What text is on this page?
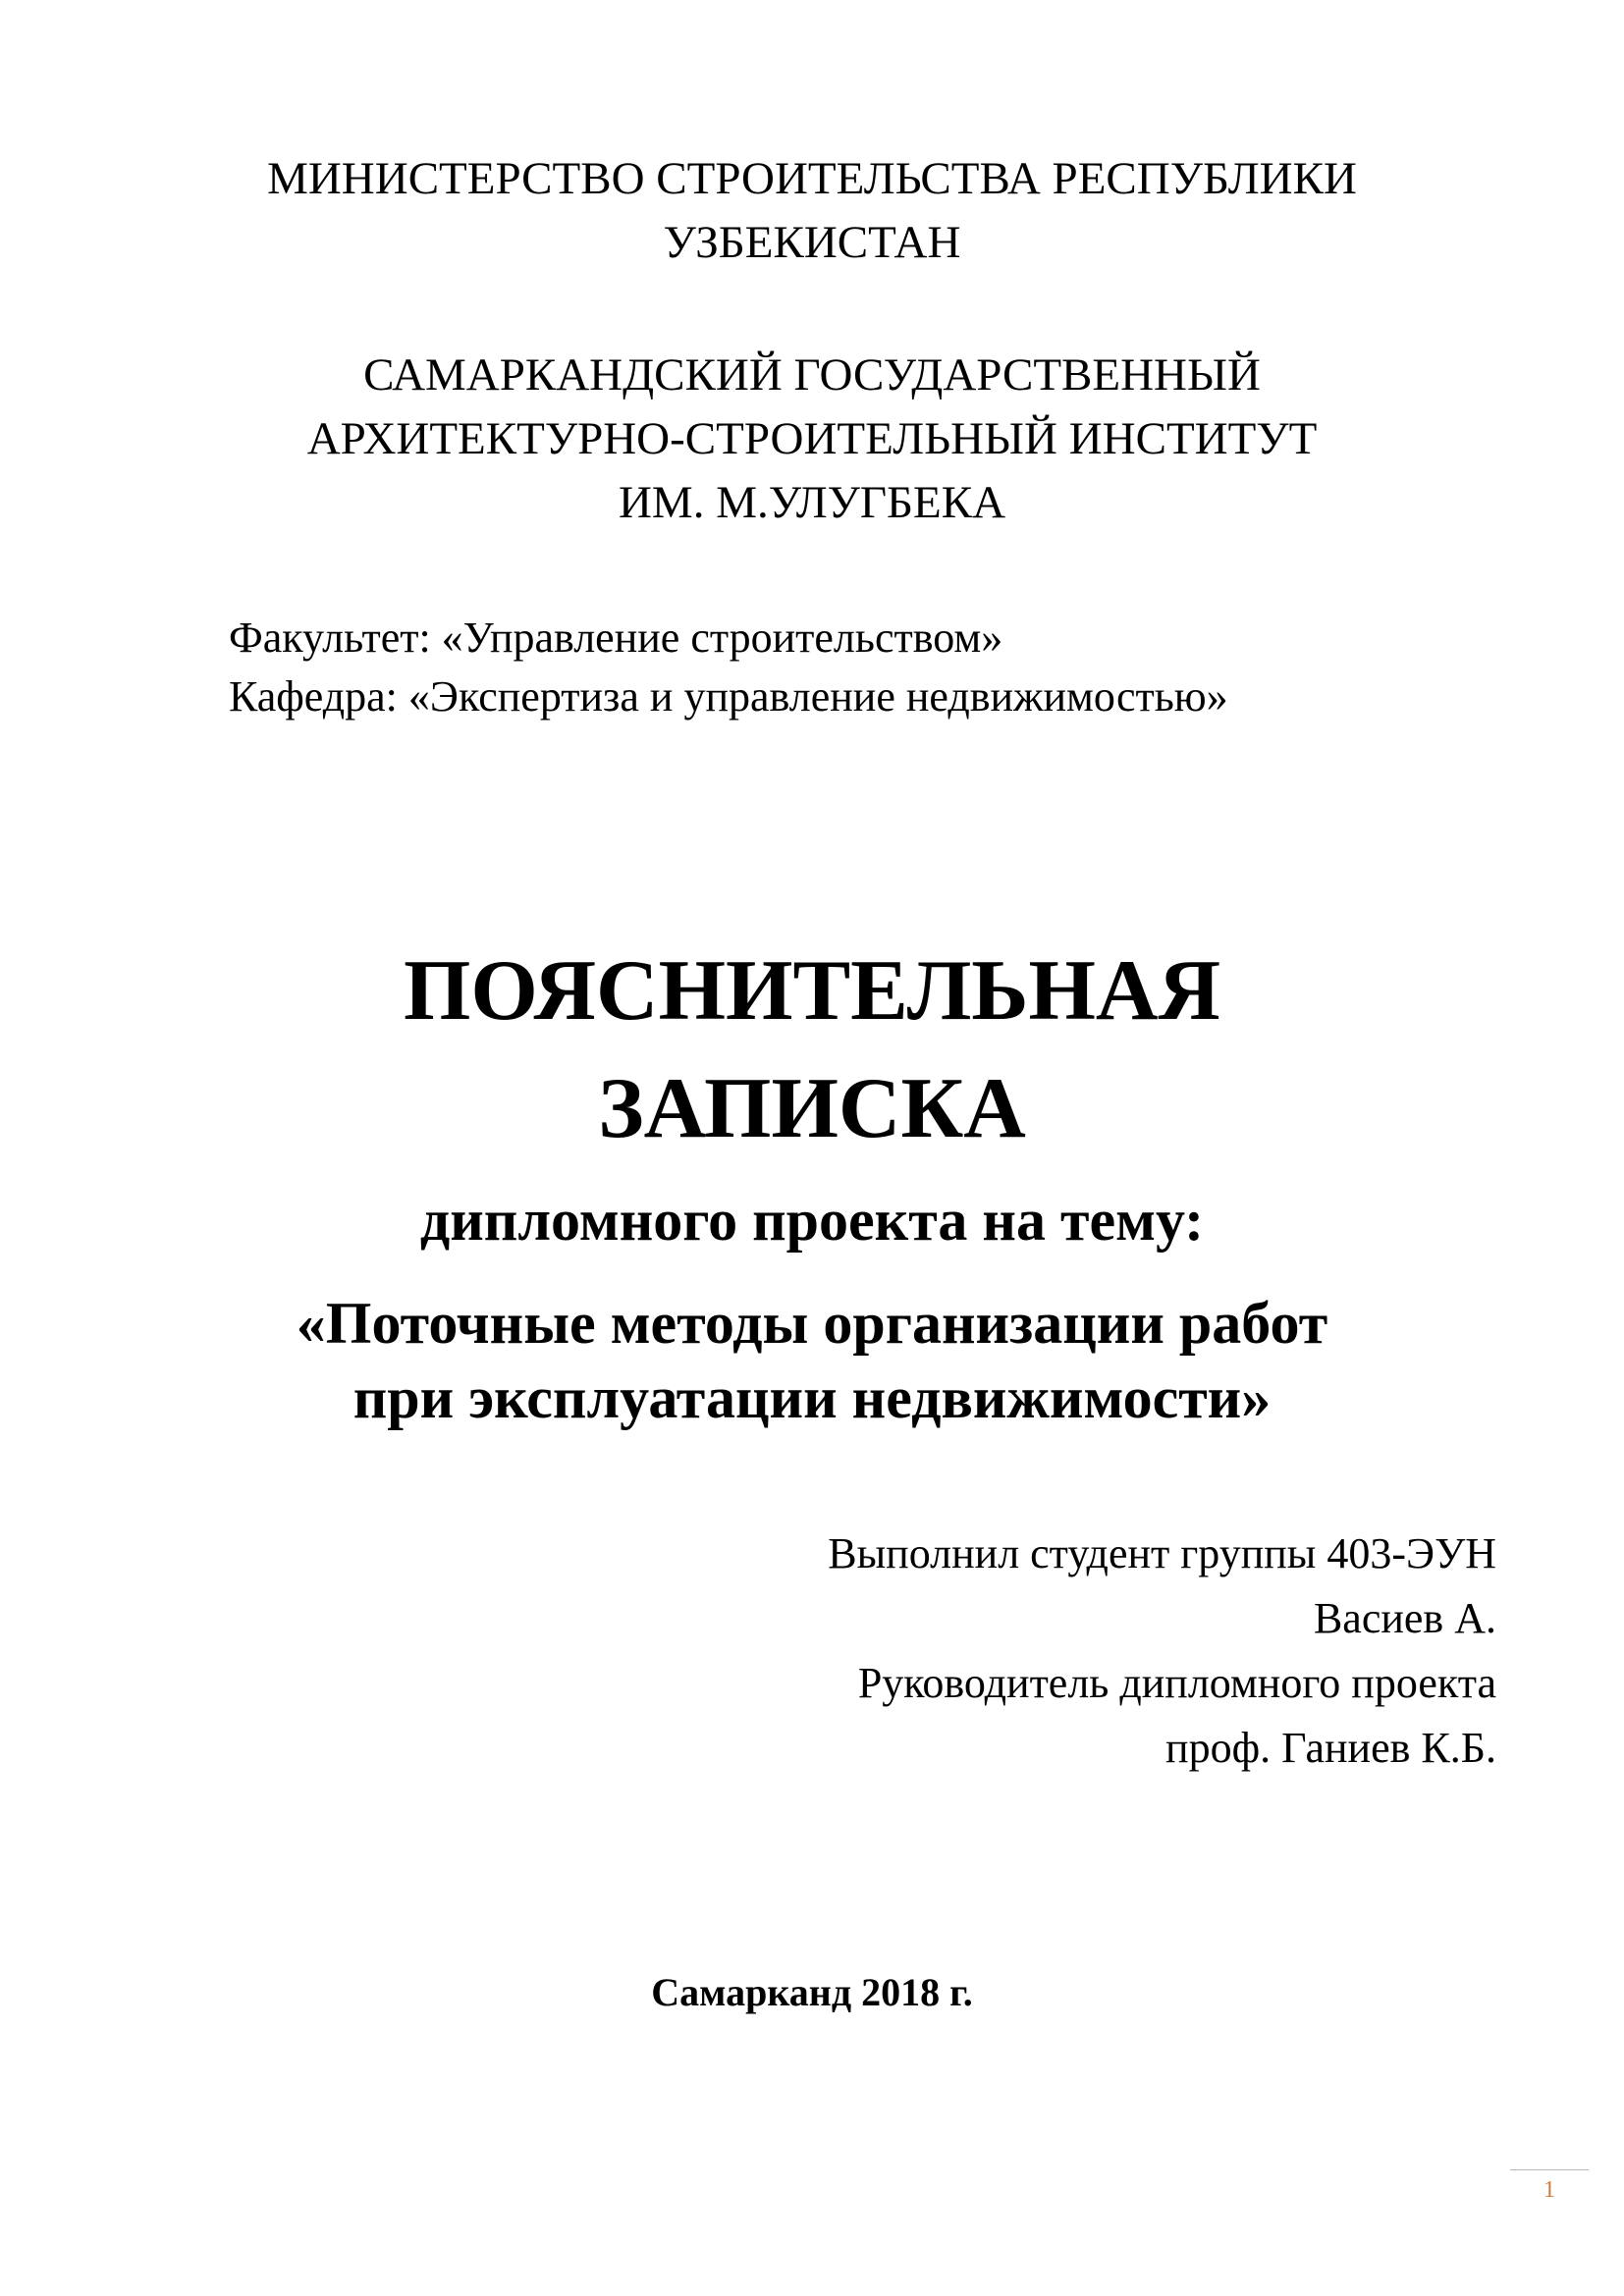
МИНИСТЕРСТВО СТРОИТЕЛЬСТВА РЕСПУБЛИКИ
УЗБЕКИСТАН
САМАРКАНДСКИЙ ГОСУДАРСТВЕННЫЙ
АРХИТЕКТУРНО-СТРОИТЕЛЬНЫЙ ИНСТИТУТ
ИМ. М.УЛУГБЕКА
Факультет: «Управление строительством»
Кафедра: «Экспертиза и управление недвижимостью»
ПОЯСНИТЕЛЬНАЯ
ЗАПИСКА
дипломного проекта на тему:
«Поточные методы организации работ
при эксплуатации недвижимости»
Выполнил студент группы 403-ЭУН
Васиев А.
Руководитель дипломного проекта
проф. Ганиев К.Б.
Самарканд 2018 г.
1
